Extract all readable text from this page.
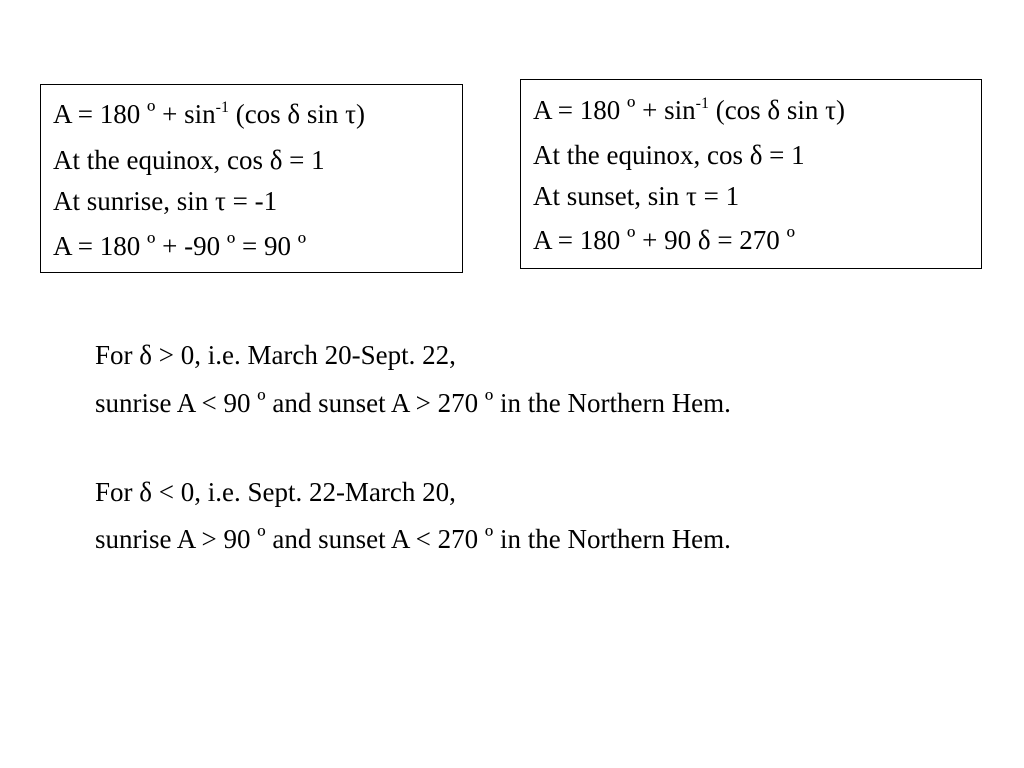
A = 180 º + $\sin^{-1} (\cos$ δ sin τ)
At the equinox, cos δ = 1
At sunrise, sin τ = -1
A = 180 º + -90 º = 90 º
A = 180 º + $\sin^{-1} (\cos$ δ sin τ)
At the equinox, cos δ = 1
At sunset, sin τ = 1
A = 180 º + 90 δ = 270 º
For δ > 0, i.e. March 20-Sept. 22,
sunrise A < 90 º and sunset A > 270 º in the Northern Hem.
For δ < 0, i.e. Sept. 22-March 20,
sunrise A > 90 º and sunset A < 270 º in the Northern Hem.
